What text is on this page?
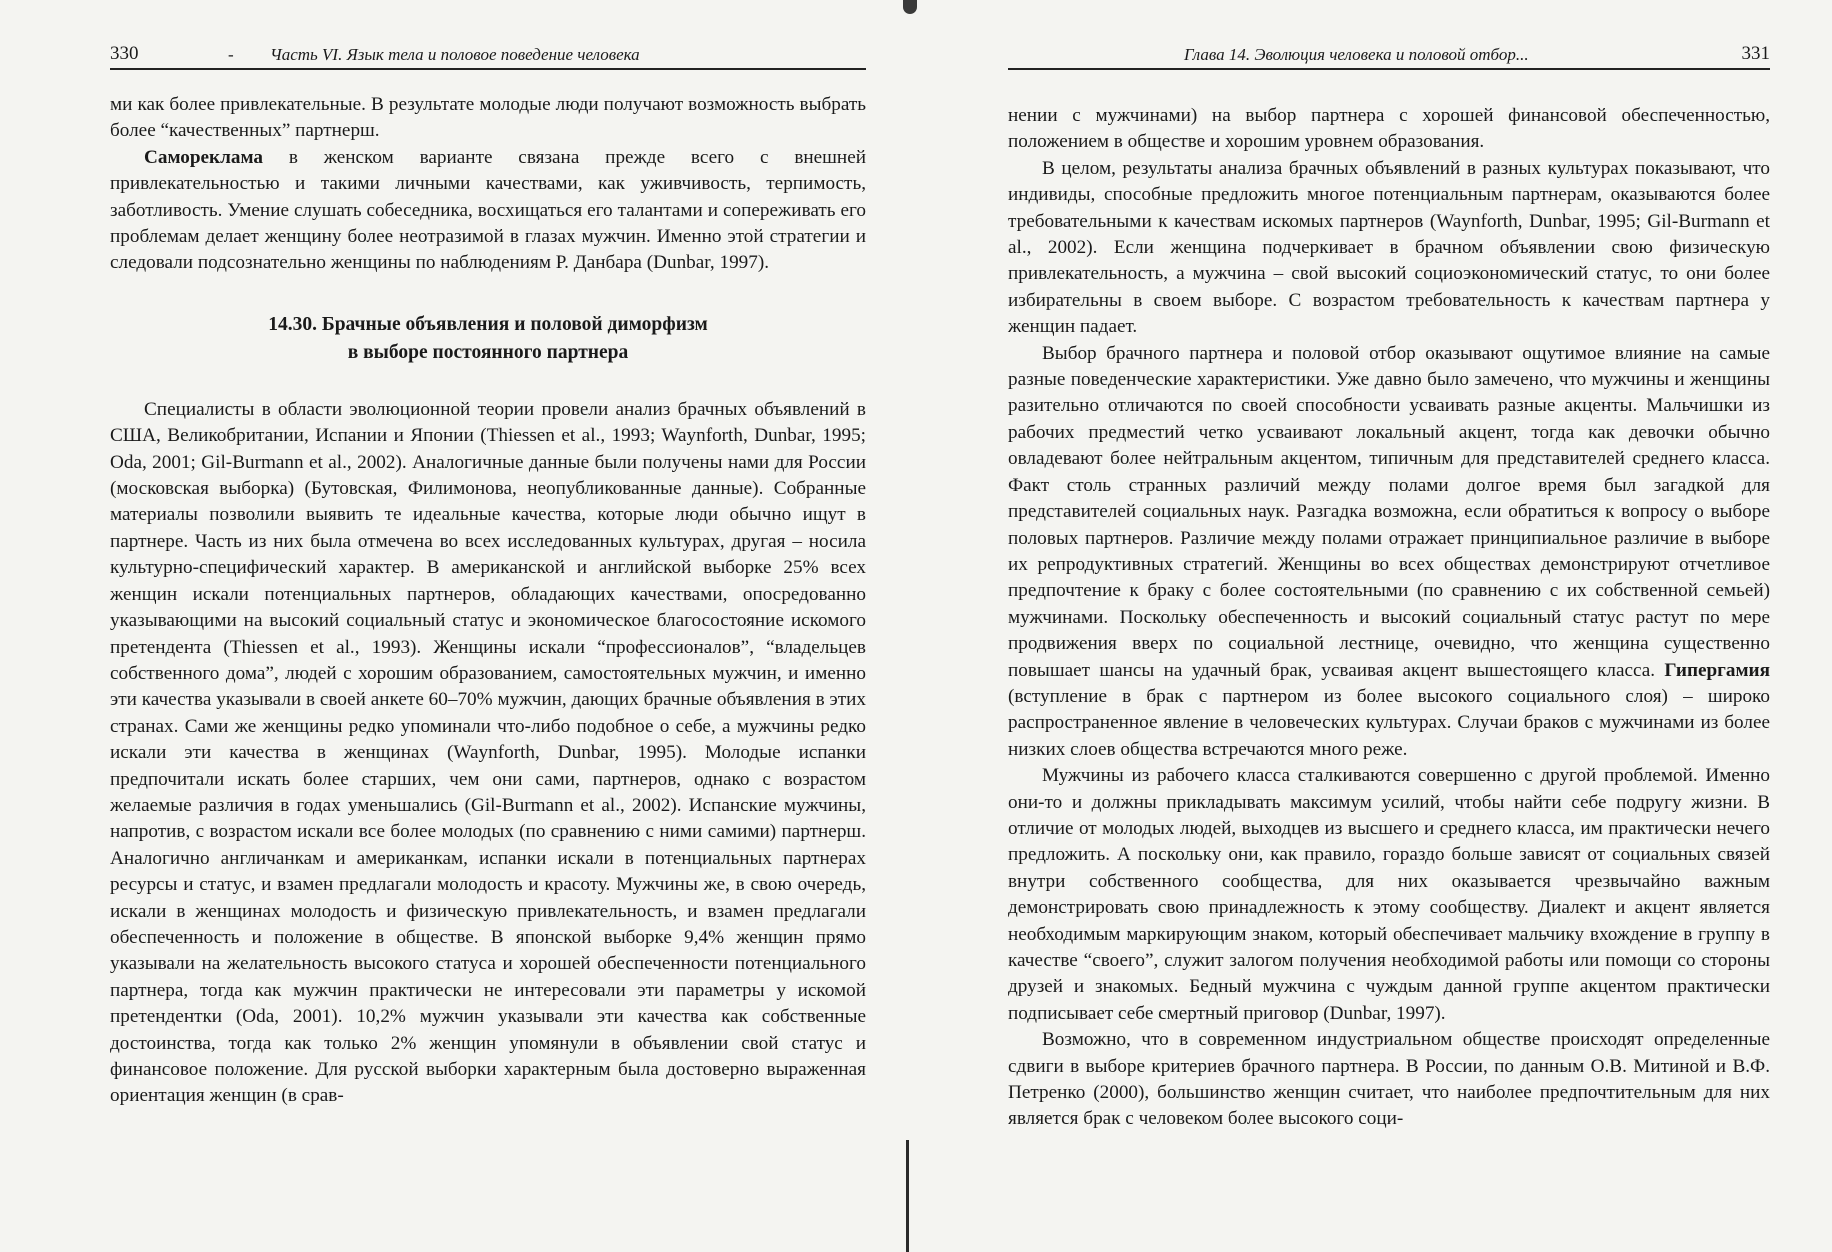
330	- Часть VI. Язык тела и половое поведение человека

ми как более привлекательные. В результате молодые люди получают возможность выбрать более “качественных” партнерш.

Самореклама в женском варианте связана прежде всего с внешней привлекательностью и такими личными качествами, как уживчивость, терпимость, заботливость. Умение слушать собеседника, восхищаться его талантами и сопереживать его проблемам делает женщину более неотразимой в глазах мужчин. Именно этой стратегии и следовали подсознательно женщины по наблюдениям Р. Данбара (Dunbar, 1997).

14.30. Брачные объявления и половой диморфизм
в выборе постоянного партнера

Специалисты в области эволюционной теории провели анализ брачных объявлений в США, Великобритании, Испании и Японии (Thiessen et al., 1993; Waynforth, Dunbar, 1995; Oda, 2001; Gil-Burmann et al., 2002). Аналогичные данные были получены нами для России (московская выборка) (Бутовская, Филимонова, неопубликованные данные). Собранные материалы позволили выявить те идеальные качества, которые люди обычно ищут в партнере. Часть из них была отмечена во всех исследованных культурах, другая – носила культурно-специфический характер. В американской и английской выборке 25% всех женщин искали потенциальных партнеров, обладающих качествами, опосредованно указывающими на высокий социальный статус и экономическое благосостояние искомого претендента (Thiessen et al., 1993). Женщины искали “профессионалов”, “владельцев собственного дома”, людей с хорошим образованием, самостоятельных мужчин, и именно эти качества указывали в своей анкете 60–70% мужчин, дающих брачные объявления в этих странах. Сами же женщины редко упоминали что-либо подобное о себе, а мужчины редко искали эти качества в женщинах (Waynforth, Dunbar, 1995). Молодые испанки предпочитали искать более старших, чем они сами, партнеров, однако с возрастом желаемые различия в годах уменьшались (Gil-Burmann et al., 2002). Испанские мужчины, напротив, с возрастом искали все более молодых (по сравнению с ними самими) партнерш. Аналогично англичанкам и американкам, испанки искали в потенциальных партнерах ресурсы и статус, и взамен предлагали молодость и красоту. Мужчины же, в свою очередь, искали в женщинах молодость и физическую привлекательность, и взамен предлагали обеспеченность и положение в обществе. В японской выборке 9,4% женщин прямо указывали на желательность высокого статуса и хорошей обеспеченности потенциального партнера, тогда как мужчин практически не интересовали эти параметры у искомой претендентки (Oda, 2001). 10,2% мужчин указывали эти качества как собственные достоинства, тогда как только 2% женщин упомянули в объявлении свой статус и финансовое положение. Для русской выборки характерным была достоверно выраженная ориентация женщин (в срав-

Глава 14. Эволюция человека и половой отбор...	331

нении с мужчинами) на выбор партнера с хорошей финансовой обеспеченностью, положением в обществе и хорошим уровнем образования.

В целом, результаты анализа брачных объявлений в разных культурах показывают, что индивиды, способные предложить многое потенциальным партнерам, оказываются более требовательными к качествам искомых партнеров (Waynforth, Dunbar, 1995; Gil-Burmann et al., 2002). Если женщина подчеркивает в брачном объявлении свою физическую привлекательность, а мужчина – свой высокий социоэкономический статус, то они более избирательны в своем выборе. С возрастом требовательность к качествам партнера у женщин падает.

Выбор брачного партнера и половой отбор оказывают ощутимое влияние на самые разные поведенческие характеристики. Уже давно было замечено, что мужчины и женщины разительно отличаются по своей способности усваивать разные акценты. Мальчишки из рабочих предместий четко усваивают локальный акцент, тогда как девочки обычно овладевают более нейтральным акцентом, типичным для представителей среднего класса. Факт столь странных различий между полами долгое время был загадкой для представителей социальных наук. Разгадка возможна, если обратиться к вопросу о выборе половых партнеров. Различие между полами отражает принципиальное различие в выборе их репродуктивных стратегий. Женщины во всех обществах демонстрируют отчетливое предпочтение к браку с более состоятельными (по сравнению с их собственной семьей) мужчинами. Поскольку обеспеченность и высокий социальный статус растут по мере продвижения вверх по социальной лестнице, очевидно, что женщина существенно повышает шансы на удачный брак, усваивая акцент вышестоящего класса. Гипергамия (вступление в брак с партнером из более высокого социального слоя) – широко распространенное явление в человеческих культурах. Случаи браков с мужчинами из более низких слоев общества встречаются много реже.

Мужчины из рабочего класса сталкиваются совершенно с другой проблемой. Именно они-то и должны прикладывать максимум усилий, чтобы найти себе подругу жизни. В отличие от молодых людей, выходцев из высшего и среднего класса, им практически нечего предложить. А поскольку они, как правило, гораздо больше зависят от социальных связей внутри собственного сообщества, для них оказывается чрезвычайно важным демонстрировать свою принадлежность к этому сообществу. Диалект и акцент является необходимым маркирующим знаком, который обеспечивает мальчику вхождение в группу в качестве “своего”, служит залогом получения необходимой работы или помощи со стороны друзей и знакомых. Бедный мужчина с чуждым данной группе акцентом практически подписывает себе смертный приговор (Dunbar, 1997).

Возможно, что в современном индустриальном обществе происходят определенные сдвиги в выборе критериев брачного партнера. В России, по данным О.В. Митиной и В.Ф. Петренко (2000), большинство женщин считает, что наиболее предпочтительным для них является брак с человеком более высокого соци-
